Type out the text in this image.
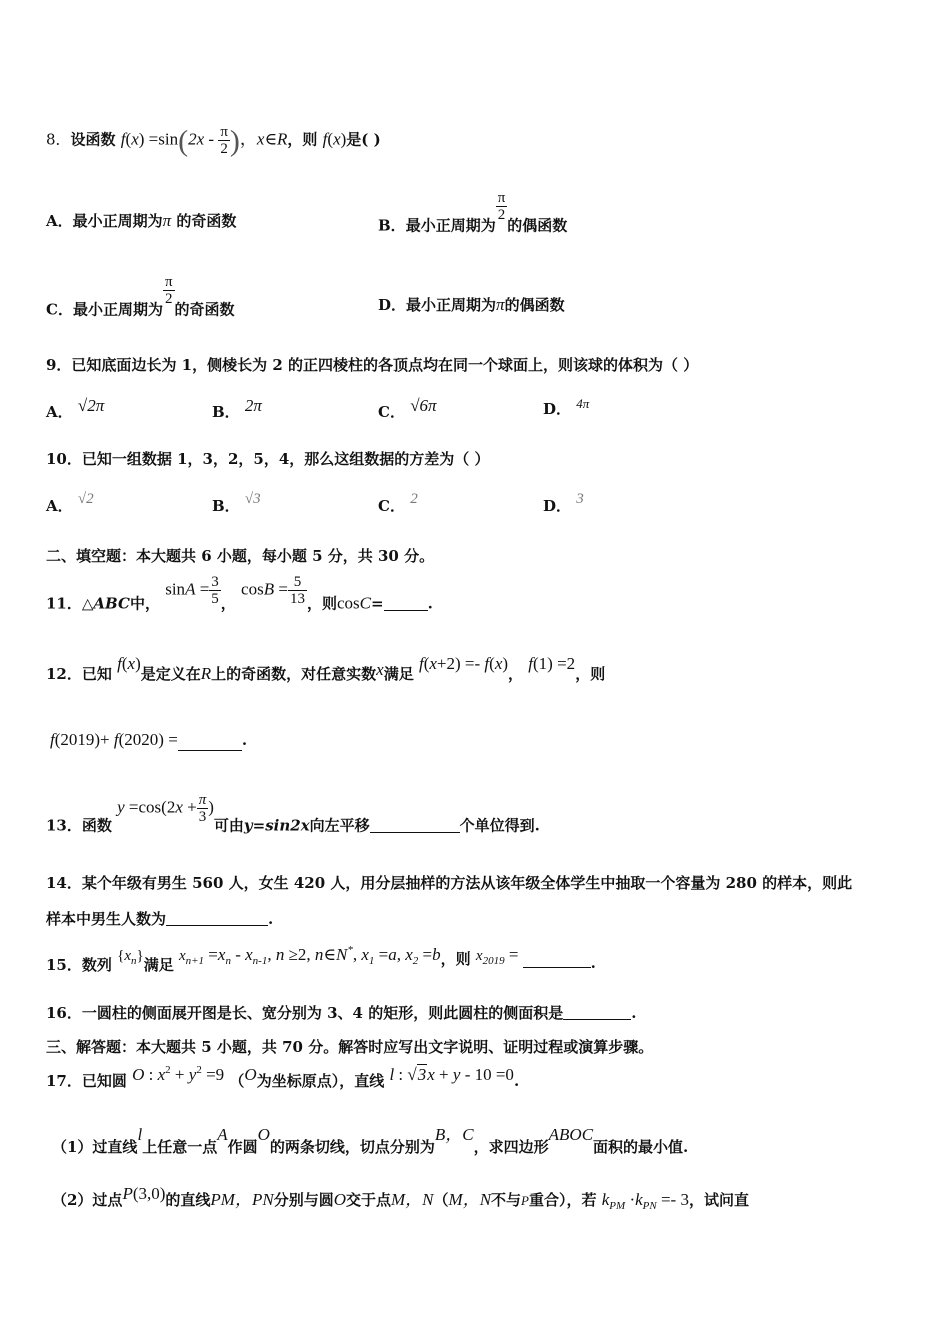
8．设函数 $f(x) =\sin(2x - \frac{\pi}{2}$ )，x∈R，则 f(x)是( )
A．最小正周期为π 的奇函数	B．最小正周期为
$\frac{\pi}{2}$
的偶函数
C．最小正周期为
$\frac{\pi}{2}$
的奇函数	D．最小正周期为π的偶函数
9．已知底面边长为 1，侧棱长为 2 的正四棱柱的各顶点均在同一个球面上，则该球的体积为（ ）
A． √2π	B． 2π	C． √6π	D． 4π
10．已知一组数据 1，3，2，5，4，那么这组数据的方差为（ ）
A． √2	B． √3	C． 2	D． 3
二、填空题：本大题共 6 小题，每小题 5 分，共 30 分。
11．△ABC中， $\sin A = \frac{3}{5}$ ， $\cos B = \frac{5}{13}$ ，则cosC=	.
12．已知 f(x)是定义在R上的奇函数，对任意实数x满足 f(x+2) =- f(x)， f(1) =2，则
f(2019)+ f(2020) =	.
13．函数 $y =\cos(2x + \frac{\pi}{3}$ )可由y=sin2x向左平移	个单位得到.
14．某个年级有男生 560 人，女生 420 人，用分层抽样的方法从该年级全体学生中抽取一个容量为 280 的样本，则此
样本中男生人数为	.
15．数列 $\{x_n\}$满足 $x_{n+1} =x_n - x_{n-1}$, n ≥2, n∈N*, $x_1 =a$, $x_2 =b$，则 $x_{2019}$ =	.
16．一圆柱的侧面展开图是长、宽分别为 3、4 的矩形，则此圆柱的侧面积是	.
三、解答题：本大题共 5 小题，共 70 分。解答时应写出文字说明、证明过程或演算步骤。
17．已知圆 O : $x^2 + y^2 =9$ （O为坐标原点），直线 l : √3x + y - 10 =0.
（1）过直线l上任意一点A作圆O的两条切线，切点分别为B，C，求四边形ABOC面积的最小值.
（2）过点P(3,0)的直线PM，PN分别与圆O交于点M，N（M，N不与P重合），若 $k_{PM} \cdot k_{PN} =- 3$，试问直
